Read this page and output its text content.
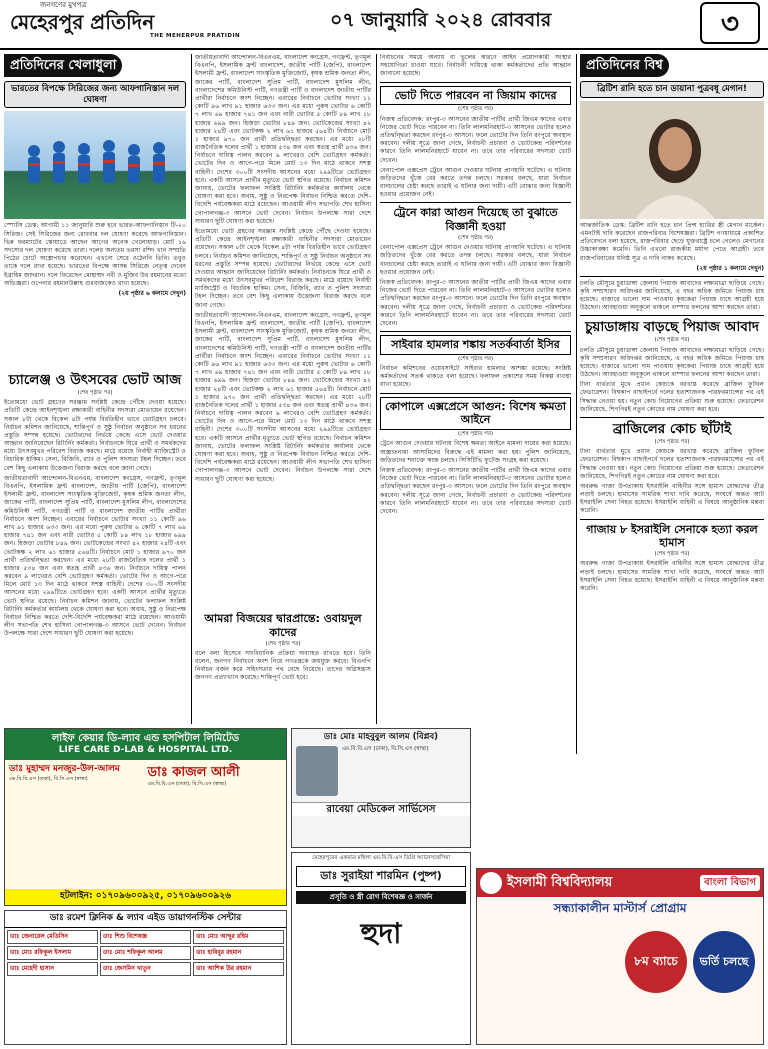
জনগণের মুখপত্র
মেহেরপুর প্রতিদিন
THE MEHERPUR PRATIDIN
০৭ জানুয়ারি ২০২৪ রোববার	৩
প্রতিদিনের খেলাধুলা
ভারতের বিপক্ষে সিরিজের জন্য আফগানিস্তান দল ঘোষণা
স্পোর্টস ডেস্ক: আগামী ১১ জানুয়ারি শুরু হবে ভারত-আফগানিস্তান টি-২০ সিরিজ। সেই সিরিজের জন্য রোববার দল ঘোষণা করেছে আফগানিস্তান। ভিন্ন ফরম্যাটের স্কোয়াডে আছেন আগের অনেক খেলোয়াড়। মোট ১৬ সদস্যের দল ঘোষণা করেছে তারা। দলের অন্যতম ভরসা রশিদ খান সম্প্রতি পিঠের চোটে অস্ত্রোপচার করেছেন। এখনো সেরে ওঠেননি তিনি। তবুও তাকে দলে রাখা হয়েছে। ভারতের বিপক্ষে আসন্ন সিরিজে নেতৃত্ব দেবেন ইব্রাহিম জাদরান। দলে ফিরেছেন মোহাম্মদ নবী ও মুজিব উর রহমানের মতো অভিজ্ঞরা। ওপেনার রহমানউল্লাহ গুরবাজকেও রাখা হয়েছে।
(২য় পৃষ্ঠার ৬ কলামে দেখুন)
চ্যালেঞ্জ ও উৎসবের ভোট আজ
(শেষ পৃষ্ঠার পর)
ইতোমধ্যে ভোট গ্রহণের সরঞ্জাম সংশ্লিষ্ট কেন্দ্রে পৌঁছে দেওয়া হয়েছে। প্রতিটি কেন্দ্রে আইনশৃঙ্খলা রক্ষাকারী বাহিনীর সদস্যরা মোতায়েন রয়েছেন। সকাল ৮টা থেকে বিকেল ৪টা পর্যন্ত বিরতিহীন ভাবে ভোটগ্রহণ চলবে। নির্বাচন কমিশন জানিয়েছে, শান্তিপূর্ণ ও সুষ্ঠু নির্বাচন অনুষ্ঠানে সব ধরনের প্রস্তুতি সম্পন্ন হয়েছে। ভোটারদের নির্ভয়ে কেন্দ্রে এসে ভোট দেওয়ার আহ্বান জানিয়েছেন রিটার্নিং কর্মকর্তা। নির্বাচনকে ঘিরে প্রার্থী ও সমর্থকদের মধ্যে উৎসবমুখর পরিবেশ বিরাজ করছে। মাঠে রয়েছে নির্বাহী ম্যাজিস্ট্রেট ও বিচারিক হাকিম। সেনা, বিজিবি, র‌্যাব ও পুলিশ সদস্যরা টহল দিচ্ছেন। তবে বেশ কিছু এলাকায় উত্তেজনা বিরাজ করছে বলে জানা গেছে।
জাতীয়তাবাদী আন্দোলন-বিএনএম, বাংলাদেশ কংগ্রেস, গণফ্রন্ট, তৃণমূল বিএনপি, ইসলামিক ফ্রন্ট বাংলাদেশ, জাতীয় পার্টি (জেপি), বাংলাদেশ ইসলামী ফ্রন্ট, বাংলাদেশ সাংস্কৃতিক মুক্তিজোট, কৃষক শ্রমিক জনতা লীগ, জাকের পার্টি, বাংলাদেশ সুপ্রিম পার্টি, বাংলাদেশ মুসলিম লীগ, বাংলাদেশের কমিউনিস্ট পার্টি, গণতন্ত্রী পার্টি ও বাংলাদেশ জাতীয় পার্টির প্রার্থীরা নির্বাচনে অংশ নিচ্ছেন। এবারের নির্বাচনে ভোটার সংখ্যা ১১ কোটি ৯৬ লাখ ৯১ হাজার ৬৩৩ জন। এর মধ্যে পুরুষ ভোটার ৬ কোটি ৭ লাখ ৬৯ হাজার ৭৪১ জন এবং নারী ভোটার ৫ কোটি ৮৯ লাখ ১৮ হাজার ৬৯৯ জন। হিজড়া ভোটার ৮৪৯ জন। ভোটকেন্দ্রের সংখ্যা ৪২ হাজার ২৪টি এবং ভোটকক্ষ ২ লাখ ৬১ হাজার ৫৬৪টি। নির্বাচনে মোট ১ হাজার ৯৭০ জন প্রার্থী প্রতিদ্বন্দ্বিতা করছেন। এর মধ্যে ২৮টি রাজনৈতিক দলের প্রার্থী ১ হাজার ৫৩৪ জন এবং স্বতন্ত্র প্রার্থী ৪৩৬ জন। নির্বাচনে দায়িত্ব পালন করবেন ৯ লাখেরও বেশি ভোটগ্রহণ কর্মকর্তা। ভোটের দিন ও আগে-পরে মিলে মোট ১৩ দিন মাঠে থাকবে সশস্ত্র বাহিনী। দেশের ৩০০টি সংসদীয় আসনের মধ্যে ২৯৯টিতে ভোটগ্রহণ হবে। একটি আসনে প্রার্থীর মৃত্যুতে ভোট স্থগিত রয়েছে। নির্বাচন কমিশন জানায়, ভোটের ফলাফল সংশ্লিষ্ট রিটার্নিং কর্মকর্তার কার্যালয় থেকে ঘোষণা করা হবে। অবাধ, সুষ্ঠু ও নিরপেক্ষ নির্বাচন নিশ্চিত করতে দেশি-বিদেশি পর্যবেক্ষকরা মাঠে রয়েছেন। আওয়ামী লীগ সভাপতি শেখ হাসিনা গোপালগঞ্জ-৩ আসনে ভোট দেবেন। নির্বাচন উপলক্ষে সারা দেশে সাধারণ ছুটি ঘোষণা করা হয়েছে।
জাতীয়তাবাদী আন্দোলন-বিএনএম, বাংলাদেশ কংগ্রেস, গণফ্রন্ট, তৃণমূল বিএনপি, ইসলামিক ফ্রন্ট বাংলাদেশ, জাতীয় পার্টি (জেপি), বাংলাদেশ ইসলামী ফ্রন্ট, বাংলাদেশ সাংস্কৃতিক মুক্তিজোট, কৃষক শ্রমিক জনতা লীগ, জাকের পার্টি, বাংলাদেশ সুপ্রিম পার্টি, বাংলাদেশ মুসলিম লীগ, বাংলাদেশের কমিউনিস্ট পার্টি, গণতন্ত্রী পার্টি ও বাংলাদেশ জাতীয় পার্টির প্রার্থীরা নির্বাচনে অংশ নিচ্ছেন। এবারের নির্বাচনে ভোটার সংখ্যা ১১ কোটি ৯৬ লাখ ৯১ হাজার ৬৩৩ জন। এর মধ্যে পুরুষ ভোটার ৬ কোটি ৭ লাখ ৬৯ হাজার ৭৪১ জন এবং নারী ভোটার ৫ কোটি ৮৯ লাখ ১৮ হাজার ৬৯৯ জন। হিজড়া ভোটার ৮৪৯ জন। ভোটকেন্দ্রের সংখ্যা ৪২ হাজার ২৪টি এবং ভোটকক্ষ ২ লাখ ৬১ হাজার ৫৬৪টি। নির্বাচনে মোট ১ হাজার ৯৭০ জন প্রার্থী প্রতিদ্বন্দ্বিতা করছেন। এর মধ্যে ২৮টি রাজনৈতিক দলের প্রার্থী ১ হাজার ৫৩৪ জন এবং স্বতন্ত্র প্রার্থী ৪৩৬ জন। নির্বাচনে দায়িত্ব পালন করবেন ৯ লাখেরও বেশি ভোটগ্রহণ কর্মকর্তা। ভোটের দিন ও আগে-পরে মিলে মোট ১৩ দিন মাঠে থাকবে সশস্ত্র বাহিনী। দেশের ৩০০টি সংসদীয় আসনের মধ্যে ২৯৯টিতে ভোটগ্রহণ হবে। একটি আসনে প্রার্থীর মৃত্যুতে ভোট স্থগিত রয়েছে। নির্বাচন কমিশন জানায়, ভোটের ফলাফল সংশ্লিষ্ট রিটার্নিং কর্মকর্তার কার্যালয় থেকে ঘোষণা করা হবে। অবাধ, সুষ্ঠু ও নিরপেক্ষ নির্বাচন নিশ্চিত করতে দেশি-বিদেশি পর্যবেক্ষকরা মাঠে রয়েছেন। আওয়ামী লীগ সভাপতি শেখ হাসিনা গোপালগঞ্জ-৩ আসনে ভোট দেবেন। নির্বাচন উপলক্ষে সারা দেশে সাধারণ ছুটি ঘোষণা করা হয়েছে।
ইতোমধ্যে ভোট গ্রহণের সরঞ্জাম সংশ্লিষ্ট কেন্দ্রে পৌঁছে দেওয়া হয়েছে। প্রতিটি কেন্দ্রে আইনশৃঙ্খলা রক্ষাকারী বাহিনীর সদস্যরা মোতায়েন রয়েছেন। সকাল ৮টা থেকে বিকেল ৪টা পর্যন্ত বিরতিহীন ভাবে ভোটগ্রহণ চলবে। নির্বাচন কমিশন জানিয়েছে, শান্তিপূর্ণ ও সুষ্ঠু নির্বাচন অনুষ্ঠানে সব ধরনের প্রস্তুতি সম্পন্ন হয়েছে। ভোটারদের নির্ভয়ে কেন্দ্রে এসে ভোট দেওয়ার আহ্বান জানিয়েছেন রিটার্নিং কর্মকর্তা। নির্বাচনকে ঘিরে প্রার্থী ও সমর্থকদের মধ্যে উৎসবমুখর পরিবেশ বিরাজ করছে। মাঠে রয়েছে নির্বাহী ম্যাজিস্ট্রেট ও বিচারিক হাকিম। সেনা, বিজিবি, র‌্যাব ও পুলিশ সদস্যরা টহল দিচ্ছেন। তবে বেশ কিছু এলাকায় উত্তেজনা বিরাজ করছে বলে জানা গেছে।
জাতীয়তাবাদী আন্দোলন-বিএনএম, বাংলাদেশ কংগ্রেস, গণফ্রন্ট, তৃণমূল বিএনপি, ইসলামিক ফ্রন্ট বাংলাদেশ, জাতীয় পার্টি (জেপি), বাংলাদেশ ইসলামী ফ্রন্ট, বাংলাদেশ সাংস্কৃতিক মুক্তিজোট, কৃষক শ্রমিক জনতা লীগ, জাকের পার্টি, বাংলাদেশ সুপ্রিম পার্টি, বাংলাদেশ মুসলিম লীগ, বাংলাদেশের কমিউনিস্ট পার্টি, গণতন্ত্রী পার্টি ও বাংলাদেশ জাতীয় পার্টির প্রার্থীরা নির্বাচনে অংশ নিচ্ছেন। এবারের নির্বাচনে ভোটার সংখ্যা ১১ কোটি ৯৬ লাখ ৯১ হাজার ৬৩৩ জন। এর মধ্যে পুরুষ ভোটার ৬ কোটি ৭ লাখ ৬৯ হাজার ৭৪১ জন এবং নারী ভোটার ৫ কোটি ৮৯ লাখ ১৮ হাজার ৬৯৯ জন। হিজড়া ভোটার ৮৪৯ জন। ভোটকেন্দ্রের সংখ্যা ৪২ হাজার ২৪টি এবং ভোটকক্ষ ২ লাখ ৬১ হাজার ৫৬৪টি। নির্বাচনে মোট ১ হাজার ৯৭০ জন প্রার্থী প্রতিদ্বন্দ্বিতা করছেন। এর মধ্যে ২৮টি রাজনৈতিক দলের প্রার্থী ১ হাজার ৫৩৪ জন এবং স্বতন্ত্র প্রার্থী ৪৩৬ জন। নির্বাচনে দায়িত্ব পালন করবেন ৯ লাখেরও বেশি ভোটগ্রহণ কর্মকর্তা। ভোটের দিন ও আগে-পরে মিলে মোট ১৩ দিন মাঠে থাকবে সশস্ত্র বাহিনী। দেশের ৩০০টি সংসদীয় আসনের মধ্যে ২৯৯টিতে ভোটগ্রহণ হবে। একটি আসনে প্রার্থীর মৃত্যুতে ভোট স্থগিত রয়েছে। নির্বাচন কমিশন জানায়, ভোটের ফলাফল সংশ্লিষ্ট রিটার্নিং কর্মকর্তার কার্যালয় থেকে ঘোষণা করা হবে। অবাধ, সুষ্ঠু ও নিরপেক্ষ নির্বাচন নিশ্চিত করতে দেশি-বিদেশি পর্যবেক্ষকরা মাঠে রয়েছেন। আওয়ামী লীগ সভাপতি শেখ হাসিনা গোপালগঞ্জ-৩ আসনে ভোট দেবেন। নির্বাচন উপলক্ষে সারা দেশে সাধারণ ছুটি ঘোষণা করা হয়েছে।
আমরা বিজয়ের দ্বারপ্রান্তে: ওবায়দুল কাদের
(শেষ পৃষ্ঠার পর)
বলে বলা হিসেবে সাংবিধানিক প্রক্রিয়া অব্যাহত রাখতে হবে। তিনি বলেন, জনগণ নির্বাচনে অংশ নিয়ে গণতন্ত্রকে জয়যুক্ত করবে। বিএনপি নির্বাচন বর্জন করে সহিংসতার পথ বেছে নিয়েছে। তাদের অগ্নিসন্ত্রাস জনগণ প্রত্যাখ্যান করেছে। শান্তিপূর্ণ ভোট হবে।
নির্বাচনের সময়ে অন্যায় বা ভুলের কারণে আইন প্রয়োগকারী সংস্থার সহযোগিতা চাওয়া যাবে। নির্বাচনী দায়িত্বে থাকা কর্মকর্তাদের প্রতি আহ্বান জানানো হয়েছে।
ভোট দিতে পারবেন না জিয়াম কাদের
(শেষ পৃষ্ঠার পর)
নিজস্ব প্রতিবেদক: রংপুর-৩ আসনের জাতীয় পার্টির প্রার্থী জিএম কাদের এবার নিজের ভোট দিতে পারবেন না। তিনি লালমনিরহাট-৩ আসনের ভোটার হলেও প্রতিদ্বন্দ্বিতা করছেন রংপুর-৩ আসনে। ফলে ভোটের দিন তিনি রংপুরে অবস্থান করবেন। দলীয় সূত্রে জানা গেছে, নির্বাচনী প্রচারণা ও ভোটকেন্দ্র পরিদর্শনের কারণে তিনি লালমনিরহাটে যাবেন না। তবে তার পরিবারের সদস্যরা ভোট দেবেন।
বেনাপোল এক্সপ্রেস ট্রেনে আগুন দেওয়ার ঘটনায় প্রাণহানি ঘটেছে। এ ঘটনায় জড়িতদের খুঁজে বের করতে তদন্ত চলছে। সরকার বলছে, যারা নির্বাচন বানচালের চেষ্টা করছে তারাই এ ঘটনার জন্য দায়ী। এটি বোঝার জন্য বিজ্ঞানী হওয়ার প্রয়োজন নেই।
ট্রেনে কারা আগুন দিয়েছে তা বুঝাতে বিজ্ঞানী হওয়া
(শেষ পৃষ্ঠার পর)
বেনাপোল এক্সপ্রেস ট্রেনে আগুন দেওয়ার ঘটনায় প্রাণহানি ঘটেছে। এ ঘটনায় জড়িতদের খুঁজে বের করতে তদন্ত চলছে। সরকার বলছে, যারা নির্বাচন বানচালের চেষ্টা করছে তারাই এ ঘটনার জন্য দায়ী। এটি বোঝার জন্য বিজ্ঞানী হওয়ার প্রয়োজন নেই।
নিজস্ব প্রতিবেদক: রংপুর-৩ আসনের জাতীয় পার্টির প্রার্থী জিএম কাদের এবার নিজের ভোট দিতে পারবেন না। তিনি লালমনিরহাট-৩ আসনের ভোটার হলেও প্রতিদ্বন্দ্বিতা করছেন রংপুর-৩ আসনে। ফলে ভোটের দিন তিনি রংপুরে অবস্থান করবেন। দলীয় সূত্রে জানা গেছে, নির্বাচনী প্রচারণা ও ভোটকেন্দ্র পরিদর্শনের কারণে তিনি লালমনিরহাটে যাবেন না। তবে তার পরিবারের সদস্যরা ভোট দেবেন।
সাইবার হামলার শঙ্কায় সতর্কবার্তা ইসির
(শেষ পৃষ্ঠার পর)
নির্বাচন কমিশনের ওয়েবসাইটে সাইবার হামলার আশঙ্কা রয়েছে। সংশ্লিষ্ট কর্মকর্তাদের সতর্ক থাকতে বলা হয়েছে। ফলাফল প্রকাশের সময় বিকল্প ব্যবস্থা রাখা হয়েছে।
কোপালে এক্সপ্রেসে আগুন: বিশেষ ক্ষমতা আইনে
(শেষ পৃষ্ঠার পর)
ট্রেনে আগুন দেওয়ার ঘটনায় বিশেষ ক্ষমতা আইনে মামলা দায়ের করা হয়েছে। অজ্ঞাতনামা আসামিদের বিরুদ্ধে এই মামলা করা হয়। পুলিশ জানিয়েছে, জড়িতদের শনাক্তে কাজ চলছে। সিসিটিভি ফুটেজ সংগ্রহ করা হয়েছে।
নিজস্ব প্রতিবেদক: রংপুর-৩ আসনের জাতীয় পার্টির প্রার্থী জিএম কাদের এবার নিজের ভোট দিতে পারবেন না। তিনি লালমনিরহাট-৩ আসনের ভোটার হলেও প্রতিদ্বন্দ্বিতা করছেন রংপুর-৩ আসনে। ফলে ভোটের দিন তিনি রংপুরে অবস্থান করবেন। দলীয় সূত্রে জানা গেছে, নির্বাচনী প্রচারণা ও ভোটকেন্দ্র পরিদর্শনের কারণে তিনি লালমনিরহাটে যাবেন না। তবে তার পরিবারের সদস্যরা ভোট দেবেন।
প্রতিদিনের বিশ্ব
ব্রিটিশ রানি হতে চান ডায়ানা পুত্রবধূ মেগান!
আন্তর্জাতিক ডেস্ক: ব্রিটিশ রানি হতে চান প্রিন্স হ্যারির স্ত্রী মেগান মার্কেল। এমনটাই দাবি করেছেন রাজপরিবার বিশেষজ্ঞরা। ব্রিটিশ গণমাধ্যমে প্রকাশিত প্রতিবেদনে বলা হয়েছে, রাজপরিবার ছেড়ে যুক্তরাষ্ট্রে চলে গেলেও মেগানের উচ্চাকাঙ্ক্ষা কমেনি। তিনি এখনো রাজকীয় মর্যাদা পেতে আগ্রহী। তবে রাজপরিবারের ঘনিষ্ঠ সূত্র এ দাবি নাকচ করেছে।
(২য় পৃষ্ঠার ১ কলামে দেখুন)
চলতি মৌসুমে চুয়াডাঙ্গা জেলায় পিয়াজ আবাদের লক্ষ্যমাত্রা ছাড়িয়ে গেছে। কৃষি সম্প্রসারণ অধিদপ্তর জানিয়েছে, এ বছর অধিক জমিতে পিয়াজ চাষ হয়েছে। বাজারে ভালো দাম পাওয়ায় কৃষকেরা পিয়াজ চাষে আগ্রহী হয়ে উঠছেন। আবহাওয়া অনুকূলে থাকলে বাম্পার ফলনের আশা করছেন তারা।
চুয়াডাঙ্গায় বাড়ছে পিয়াজ আবাদ
(শেষ পৃষ্ঠার পর)
চলতি মৌসুমে চুয়াডাঙ্গা জেলায় পিয়াজ আবাদের লক্ষ্যমাত্রা ছাড়িয়ে গেছে। কৃষি সম্প্রসারণ অধিদপ্তর জানিয়েছে, এ বছর অধিক জমিতে পিয়াজ চাষ হয়েছে। বাজারে ভালো দাম পাওয়ায় কৃষকেরা পিয়াজ চাষে আগ্রহী হয়ে উঠছেন। আবহাওয়া অনুকূলে থাকলে বাম্পার ফলনের আশা করছেন তারা।
টানা ব্যর্থতার মুখে প্রধান কোচকে বরখাস্ত করেছে ব্রাজিল ফুটবল ফেডারেশন। বিশ্বকাপ বাছাইপর্বে দলের হতাশাজনক পারফরম্যান্সের পর এই সিদ্ধান্ত নেওয়া হয়। নতুন কোচ নিয়োগের প্রক্রিয়া শুরু হয়েছে। ফেডারেশন জানিয়েছে, শিগগিরই নতুন কোচের নাম ঘোষণা করা হবে।
ব্রাজিলের কোচ ছাঁটাই
(শেষ পৃষ্ঠার পর)
টানা ব্যর্থতার মুখে প্রধান কোচকে বরখাস্ত করেছে ব্রাজিল ফুটবল ফেডারেশন। বিশ্বকাপ বাছাইপর্বে দলের হতাশাজনক পারফরম্যান্সের পর এই সিদ্ধান্ত নেওয়া হয়। নতুন কোচ নিয়োগের প্রক্রিয়া শুরু হয়েছে। ফেডারেশন জানিয়েছে, শিগগিরই নতুন কোচের নাম ঘোষণা করা হবে।
অবরুদ্ধ গাজা উপত্যকায় ইসরাইলি বাহিনীর সঙ্গে হামাস যোদ্ধাদের তীব্র লড়াই চলছে। হামাসের সামরিক শাখা দাবি করেছে, সংঘর্ষে অন্তত আট ইসরাইলি সেনা নিহত হয়েছে। ইসরাইলি বাহিনী এ বিষয়ে আনুষ্ঠানিক মন্তব্য করেনি।
গাজায় ৮ ইসরাইলি সেনাকে হত্যা করল হামাস
(শেষ পৃষ্ঠার পর)
অবরুদ্ধ গাজা উপত্যকায় ইসরাইলি বাহিনীর সঙ্গে হামাস যোদ্ধাদের তীব্র লড়াই চলছে। হামাসের সামরিক শাখা দাবি করেছে, সংঘর্ষে অন্তত আট ইসরাইলি সেনা নিহত হয়েছে। ইসরাইলি বাহিনী এ বিষয়ে আনুষ্ঠানিক মন্তব্য করেনি।
লাইফ কেয়ার ডি-ল্যাব এন্ড হসপিটাল লিমিটেড
LIFE CARE D-LAB & HOSPITAL LTD.
ডাঃ মুহাম্মদ মনজুর-উল-আলম
এম.বি.বি.এস (ঢাকা), বি.সি.এস (স্বাস্থ্য)	ডাঃ কাজল আলী
এম.বি.বি.এস (ঢাকা), বি.সি.এস (স্বাস্থ্য)
হটলাইন: ০১৭০৯৬০০৯২৫, ০১৭০৯৬০০৯২৬
ডাঃ মোঃ মাহবুবুল আলম (বিপ্লব)
এম.বি.বি.এস (ঢাকা), বি.সি.এস (স্বাস্থ্য)
রাবেয়া মেডিকেল সার্ভিসেস
মেহেরপুরের একমাত্র মহিলা এম.বি.বি.এস ডিগ্রি অ্যানেসথেসিয়া
ডাঃ সুরাইয়া শারমিন (পুষ্প)
প্রসূতি ও স্ত্রী রোগ বিশেষজ্ঞ ও সার্জন
হুদা
ডাঃ রমেশ ক্লিনিক & ল্যাব এইড ডায়াগনস্টিক সেন্টার
ডাঃ জেনারেল মেডিসিন	ডাঃ শিশু বিশেষজ্ঞ	ডাঃ মোঃ আব্দুর রহিম
ডাঃ মোঃ রফিকুল ইসলাম	ডাঃ মোঃ শফিকুল আলম	ডাঃ হাবিবুর রহমান
ডাঃ মেহেদী হাসান	ডাঃ জেসমিন খাতুন	ডাঃ আশিক উর রহমান
ইসলামী বিশ্ববিদ্যালয়	বাংলা বিভাগ
সন্ধ্যাকালীন মাস্টার্স প্রোগ্রাম
৮ম ব্যাচে	ভর্তি চলছে
